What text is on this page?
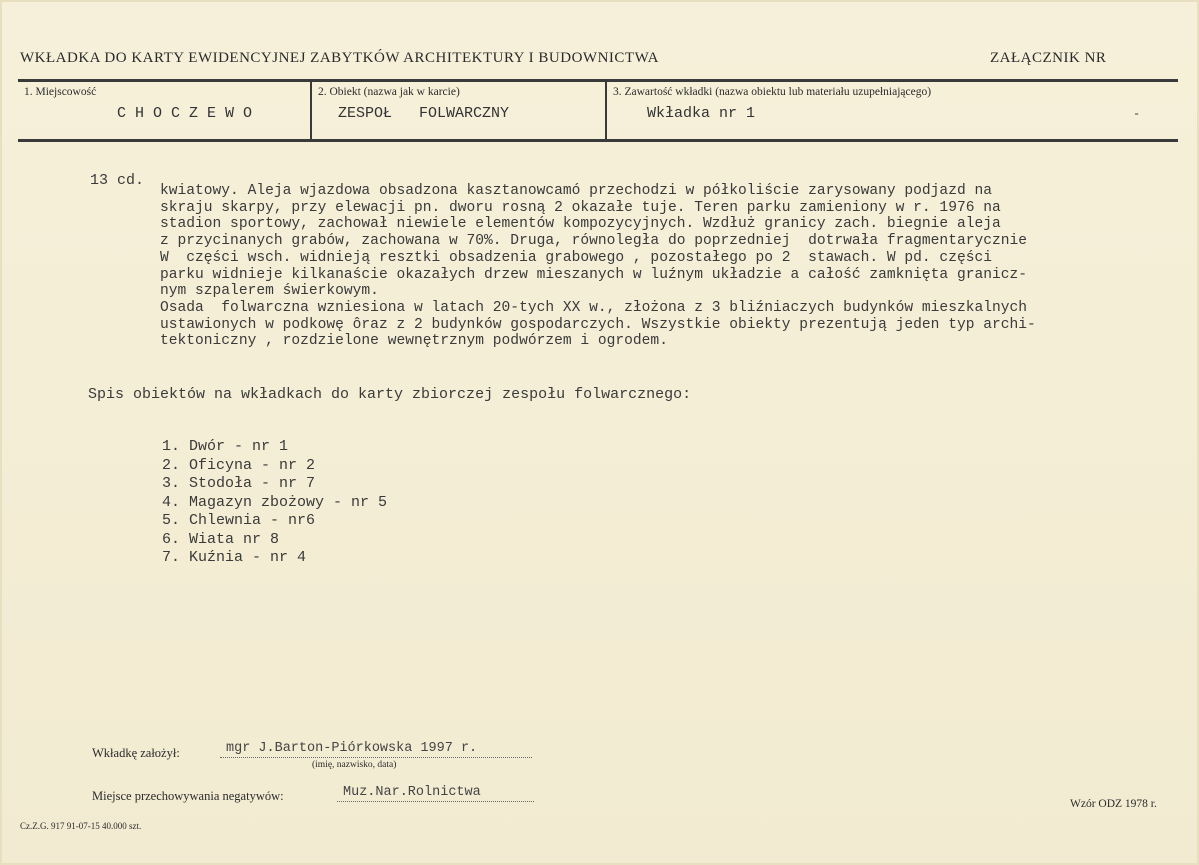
WKŁADKA DO KARTY EWIDENCYJNEJ ZABYTKÓW ARCHITEKTURY I BUDOWNICTWA	ZAŁĄCZNIK NR
1. Miejscowość
C H O C Z E W O
2. Obiekt (nazwa jak w karcie)
ZESPOŁ   FOLWARCZNY
3. Zawartość wkładki (nazwa obiektu lub materiału uzupełniającego)
Wkładka nr 1	-
13 cd.
kwiatowy. Aleja wjazdowa obsadzona kasztanowcamó przechodzi w półkoliście zarysowany podjazd na
skraju skarpy, przy elewacji pn. dworu rosną 2 okazałe tuje. Teren parku zamieniony w r. 1976 na
stadion sportowy, zachował niewiele elementów kompozycyjnych. Wzdłuż granicy zach. biegnie aleja
z przycinanych grabów, zachowana w 70%. Druga, równoległa do poprzedniej  dotrwała fragmentarycznie
W  części wsch. widnieją resztki obsadzenia grabowego , pozostałego po 2  stawach. W pd. części
parku widnieje kilkanaście okazałych drzew mieszanych w luźnym układzie a całość zamknięta granicz-
nym szpalerem świerkowym.
Osada  folwarczna wzniesiona w latach 20-tych XX w., złożona z 3 bliźniaczych budynków mieszkalnych
ustawionych w podkowę ôraz z 2 budynków gospodarczych. Wszystkie obiekty prezentują jeden typ archi-
tektoniczny , rozdzielone wewnętrznym podwórzem i ogrodem.
Spis obiektów na wkładkach do karty zbiorczej zespołu folwarcznego:
1. Dwór - nr 1
2. Oficyna - nr 2
3. Stodoła - nr 7
4. Magazyn zbożowy - nr 5
5. Chlewnia - nr6
6. Wiata nr 8
7. Kuźnia - nr 4
Wkładkę założył:	mgr J.Barton-Piórkowska 1997 r.
(imię, nazwisko, data)
Miejsce przechowywania negatywów:	Muz.Nar.Rolnictwa
Cz.Z.G. 917 91-07-15 40.000 szt.
Wzór ODZ 1978 r.
